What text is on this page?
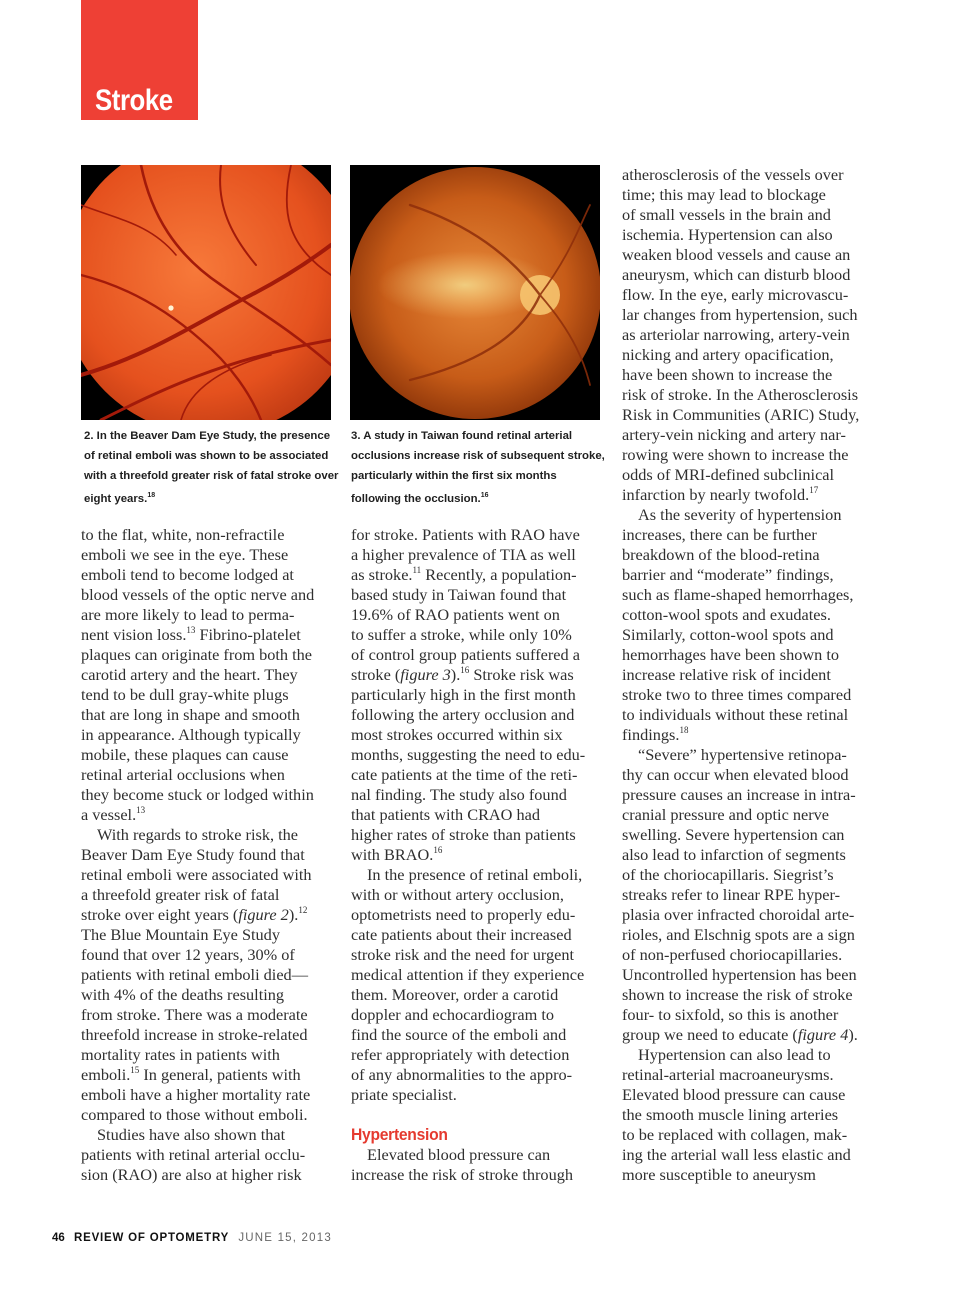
Stroke
2. In the Beaver Dam Eye Study, the presence of retinal emboli was shown to be associated with a threefold greater risk of fatal stroke over eight years.$^{18}$
3. A study in Taiwan found retinal arterial occlusions increase risk of subsequent stroke, particularly within the first six months following the occlusion.$^{16}$
to the flat, white, non-refractile
emboli we see in the eye. These
emboli tend to become lodged at
blood vessels of the optic nerve and
are more likely to lead to perma-
nent vision loss.$^{13}$ Fibrino-platelet
plaques can originate from both the
carotid artery and the heart. They
tend to be dull gray-white plugs
that are long in shape and smooth
in appearance. Although typically
mobile, these plaques can cause
retinal arterial occlusions when
they become stuck or lodged within
a vessel.$^{13}$
With regards to stroke risk, the
Beaver Dam Eye Study found that
retinal emboli were associated with
a threefold greater risk of fatal
stroke over eight years (figure 2).$^{12}$
The Blue Mountain Eye Study
found that over 12 years, 30% of
patients with retinal emboli died—
with 4% of the deaths resulting
from stroke. There was a moderate
threefold increase in stroke-related
mortality rates in patients with
emboli.$^{15}$ In general, patients with
emboli have a higher mortality rate
compared to those without emboli.
Studies have also shown that
patients with retinal arterial occlu-
sion (RAO) are also at higher risk
for stroke. Patients with RAO have
a higher prevalence of TIA as well
as stroke.$^{11}$ Recently, a population-
based study in Taiwan found that
19.6% of RAO patients went on
to suffer a stroke, while only 10%
of control group patients suffered a
stroke (figure 3).$^{16}$ Stroke risk was
particularly high in the first month
following the artery occlusion and
most strokes occurred within six
months, suggesting the need to edu-
cate patients at the time of the reti-
nal finding. The study also found
that patients with CRAO had
higher rates of stroke than patients
with BRAO.$^{16}$
In the presence of retinal emboli,
with or without artery occlusion,
optometrists need to properly edu-
cate patients about their increased
stroke risk and the need for urgent
medical attention if they experience
them. Moreover, order a carotid
doppler and echocardiogram to
find the source of the emboli and
refer appropriately with detection
of any abnormalities to the appro-
priate specialist.
Hypertension
Elevated blood pressure can
increase the risk of stroke through
atherosclerosis of the vessels over
time; this may lead to blockage
of small vessels in the brain and
ischemia. Hypertension can also
weaken blood vessels and cause an
aneurysm, which can disturb blood
flow. In the eye, early microvascu-
lar changes from hypertension, such
as arteriolar narrowing, artery-vein
nicking and artery opacification,
have been shown to increase the
risk of stroke. In the Atherosclerosis
Risk in Communities (ARIC) Study,
artery-vein nicking and artery nar-
rowing were shown to increase the
odds of MRI-defined subclinical
infarction by nearly twofold.$^{17}$
As the severity of hypertension
increases, there can be further
breakdown of the blood-retina
barrier and “moderate” findings,
such as flame-shaped hemorrhages,
cotton-wool spots and exudates.
Similarly, cotton-wool spots and
hemorrhages have been shown to
increase relative risk of incident
stroke two to three times compared
to individuals without these retinal
findings.$^{18}$
“Severe” hypertensive retinopa-
thy can occur when elevated blood
pressure causes an increase in intra-
cranial pressure and optic nerve
swelling. Severe hypertension can
also lead to infarction of segments
of the choriocapillaris. Siegrist’s
streaks refer to linear RPE hyper-
plasia over infracted choroidal arte-
rioles, and Elschnig spots are a sign
of non-perfused choriocapillaries.
Uncontrolled hypertension has been
shown to increase the risk of stroke
four- to sixfold, so this is another
group we need to educate (figure 4).
Hypertension can also lead to
retinal-arterial macroaneurysms.
Elevated blood pressure can cause
the smooth muscle lining arteries
to be replaced with collagen, mak-
ing the arterial wall less elastic and
more susceptible to aneurysm
46 REVIEW OF OPTOMETRY JUNE 15, 2013
